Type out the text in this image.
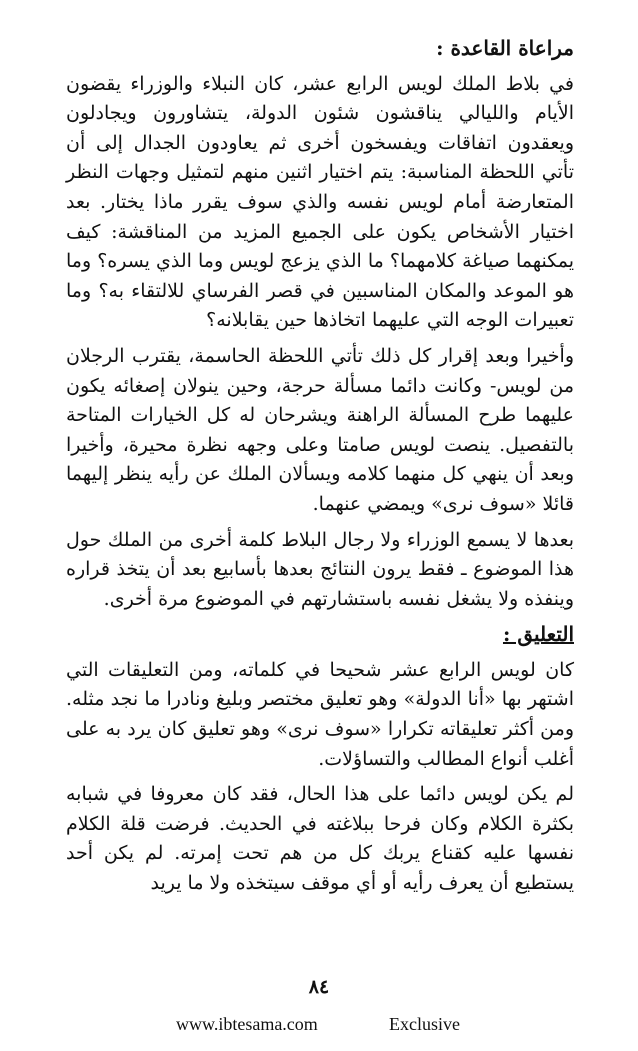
مراعاة القاعدة :

في بلاط الملك لويس الرابع عشر، كان النبلاء والوزراء يقضون الأيام والليالي يناقشون شئون الدولة، يتشاورون ويجادلون ويعقدون اتفاقات ويفسخون أخرى ثم يعاودون الجدال إلى أن تأتي اللحظة المناسبة: يتم اختيار اثنين منهم لتمثيل وجهات النظر المتعارضة أمام لويس نفسه والذي سوف يقرر ماذا يختار. بعد اختيار الأشخاص يكون على الجميع المزيد من المناقشة: كيف يمكنهما صياغة كلامهما؟ ما الذي يزعج لويس وما الذي يسره؟ وما هو الموعد والمكان المناسبين في قصر الفرساي للالتقاء به؟ وما تعبيرات الوجه التي عليهما اتخاذها حين يقابلانه؟

وأخيرا وبعد إقرار كل ذلك تأتي اللحظة الحاسمة، يقترب الرجلان من لويس- وكانت دائما مسألة حرجة، وحين ينولان إصغائه يكون عليهما طرح المسألة الراهنة ويشرحان له كل الخيارات المتاحة بالتفصيل. ينصت لويس صامتا وعلى وجهه نظرة محيرة، وأخيرا وبعد أن ينهي كل منهما كلامه ويسألان الملك عن رأيه ينظر إليهما قائلا «سوف نرى» ويمضي عنهما.

بعدها لا يسمع الوزراء ولا رجال البلاط كلمة أخرى من الملك حول هذا الموضوع ـ فقط يرون النتائج بعدها بأسابيع بعد أن يتخذ قراره وينفذه ولا يشغل نفسه باستشارتهم في الموضوع مرة أخرى.

التعليق :

كان لويس الرابع عشر شحيحا في كلماته، ومن التعليقات التي اشتهر بها «أنا الدولة» وهو تعليق مختصر وبليغ ونادرا ما نجد مثله. ومن أكثر تعليقاته تكرارا «سوف نرى» وهو تعليق كان يرد به على أغلب أنواع المطالب والتساؤلات.

لم يكن لويس دائما على هذا الحال، فقد كان معروفا في شبابه بكثرة الكلام وكان فرحا ببلاغته في الحديث. فرضت قلة الكلام نفسها عليه كقناع يربك كل من هم تحت إمرته. لم يكن أحد يستطيع أن يعرف رأيه أو أي موقف سيتخذه ولا ما يريد

٨٤
www.ibtesama.com	Exclusive
